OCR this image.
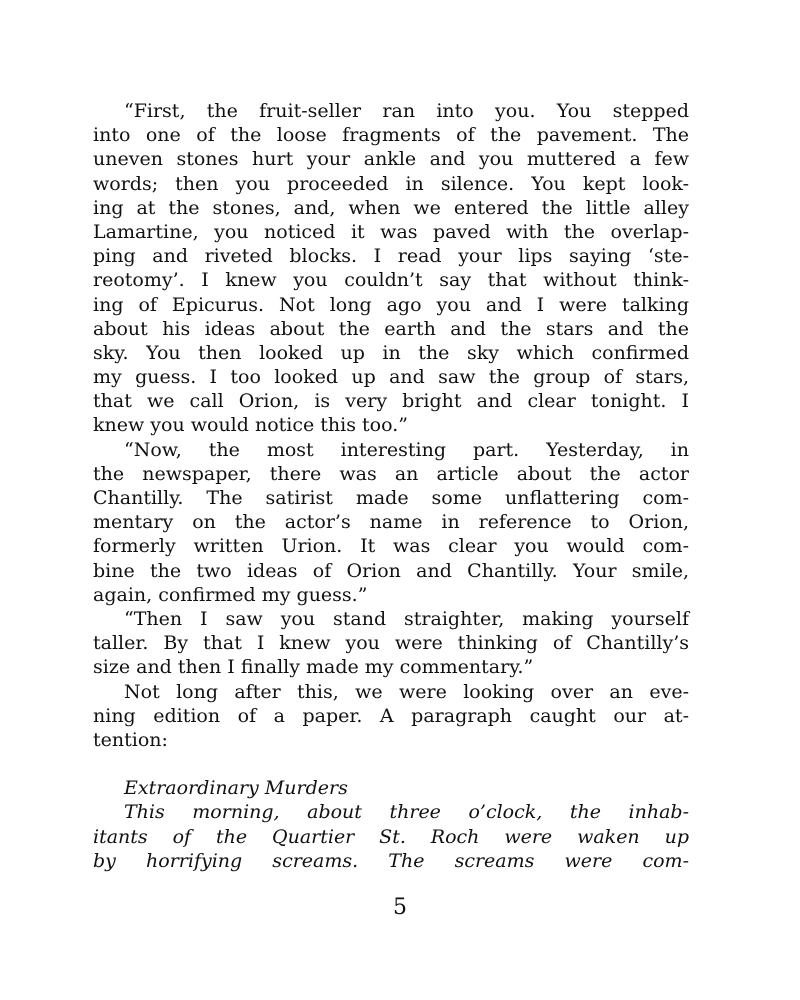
“First, the fruit-seller ran into you. You stepped
into one of the loose fragments of the pavement. The
uneven stones hurt your ankle and you muttered a few
words; then you proceeded in silence. You kept look-
ing at the stones, and, when we entered the little alley
Lamartine, you noticed it was paved with the overlap-
ping and riveted blocks. I read your lips saying ‘ste-
reotomy’. I knew you couldn’t say that without think-
ing of Epicurus. Not long ago you and I were talking
about his ideas about the earth and the stars and the
sky. You then looked up in the sky which confirmed
my guess. I too looked up and saw the group of stars,
that we call Orion, is very bright and clear tonight. I
knew you would notice this too.”
“Now, the most interesting part. Yesterday, in
the newspaper, there was an article about the actor
Chantilly. The satirist made some unflattering com-
mentary on the actor’s name in reference to Orion,
formerly written Urion. It was clear you would com-
bine the two ideas of Orion and Chantilly. Your smile,
again, confirmed my guess.”
“Then I saw you stand straighter, making yourself
taller. By that I knew you were thinking of Chantilly’s
size and then I finally made my commentary.”
Not long after this, we were looking over an eve-
ning edition of a paper. A paragraph caught our at-
tention:
Extraordinary Murders
This morning, about three o’clock, the inhab-
itants of the Quartier St. Roch were waken up
by horrifying screams. The screams were com-
5
